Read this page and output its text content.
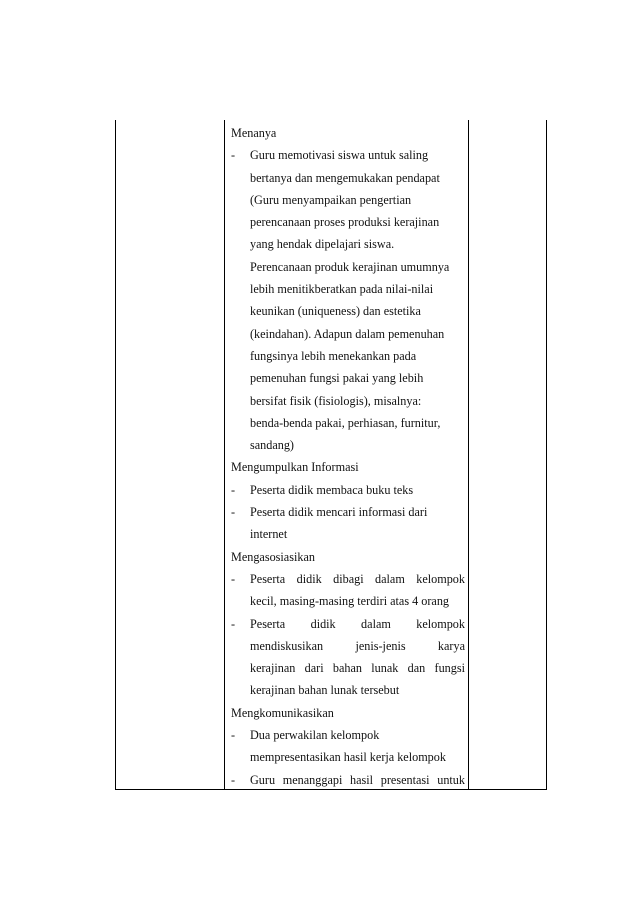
Menanya
- Guru memotivasi siswa untuk saling
bertanya dan mengemukakan pendapat
(Guru menyampaikan pengertian
perencanaan proses produksi kerajinan
yang hendak dipelajari siswa.
Perencanaan produk kerajinan umumnya
lebih menitikberatkan pada nilai-nilai
keunikan (uniqueness) dan estetika
(keindahan). Adapun dalam pemenuhan
fungsinya lebih menekankan pada
pemenuhan fungsi pakai yang lebih
bersifat fisik (fisiologis), misalnya:
benda-benda pakai, perhiasan, furnitur,
sandang)
Mengumpulkan Informasi
- Peserta didik membaca buku teks
- Peserta didik mencari informasi dari
internet
Mengasosiasikan
- Peserta didik dibagi dalam kelompok
kecil, masing-masing terdiri atas 4 orang
- Peserta didik dalam kelompok
mendiskusikan jenis-jenis karya
kerajinan dari bahan lunak dan fungsi
kerajinan bahan lunak tersebut
Mengkomunikasikan
- Dua perwakilan kelompok
mempresentasikan hasil kerja kelompok
- Guru menanggapi hasil presentasi untuk
